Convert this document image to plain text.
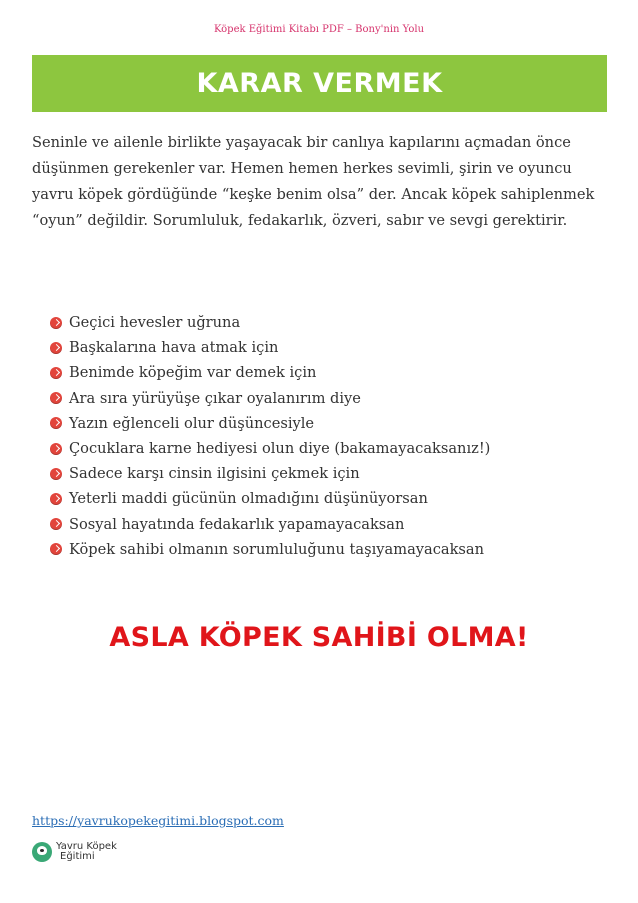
Köpek Eğitimi Kitabı PDF – Bony'nin Yolu
KARAR VERMEK

Seninle ve ailenle birlikte yaşayacak bir canlıya kapılarını açmadan önce düşünmen gerekenler var. Hemen hemen herkes sevimli, şirin ve oyuncu yavru köpek gördüğünde “keşke benim olsa” der. Ancak köpek sahiplenmek “oyun” değildir. Sorumluluk, fedakarlık, özveri, sabır ve sevgi gerektirir.

Geçici hevesler uğruna
Başkalarına hava atmak için
Benimde köpeğim var demek için
Ara sıra yürüyüşe çıkar oyalanırım diye
Yazın eğlenceli olur düşüncesiyle
Çocuklara karne hediyesi olun diye (bakamayacaksanız!)
Sadece karşı cinsin ilgisini çekmek için
Yeterli maddi gücünün olmadığını düşünüyorsan
Sosyal hayatında fedakarlık yapamayacaksan
Köpek sahibi olmanın sorumluluğunu taşıyamayacaksan
ASLA KÖPEK SAHİBİ OLMA!
https://yavrukopekegitimi.blogspot.com
Yavru Köpek
Eğitimi
